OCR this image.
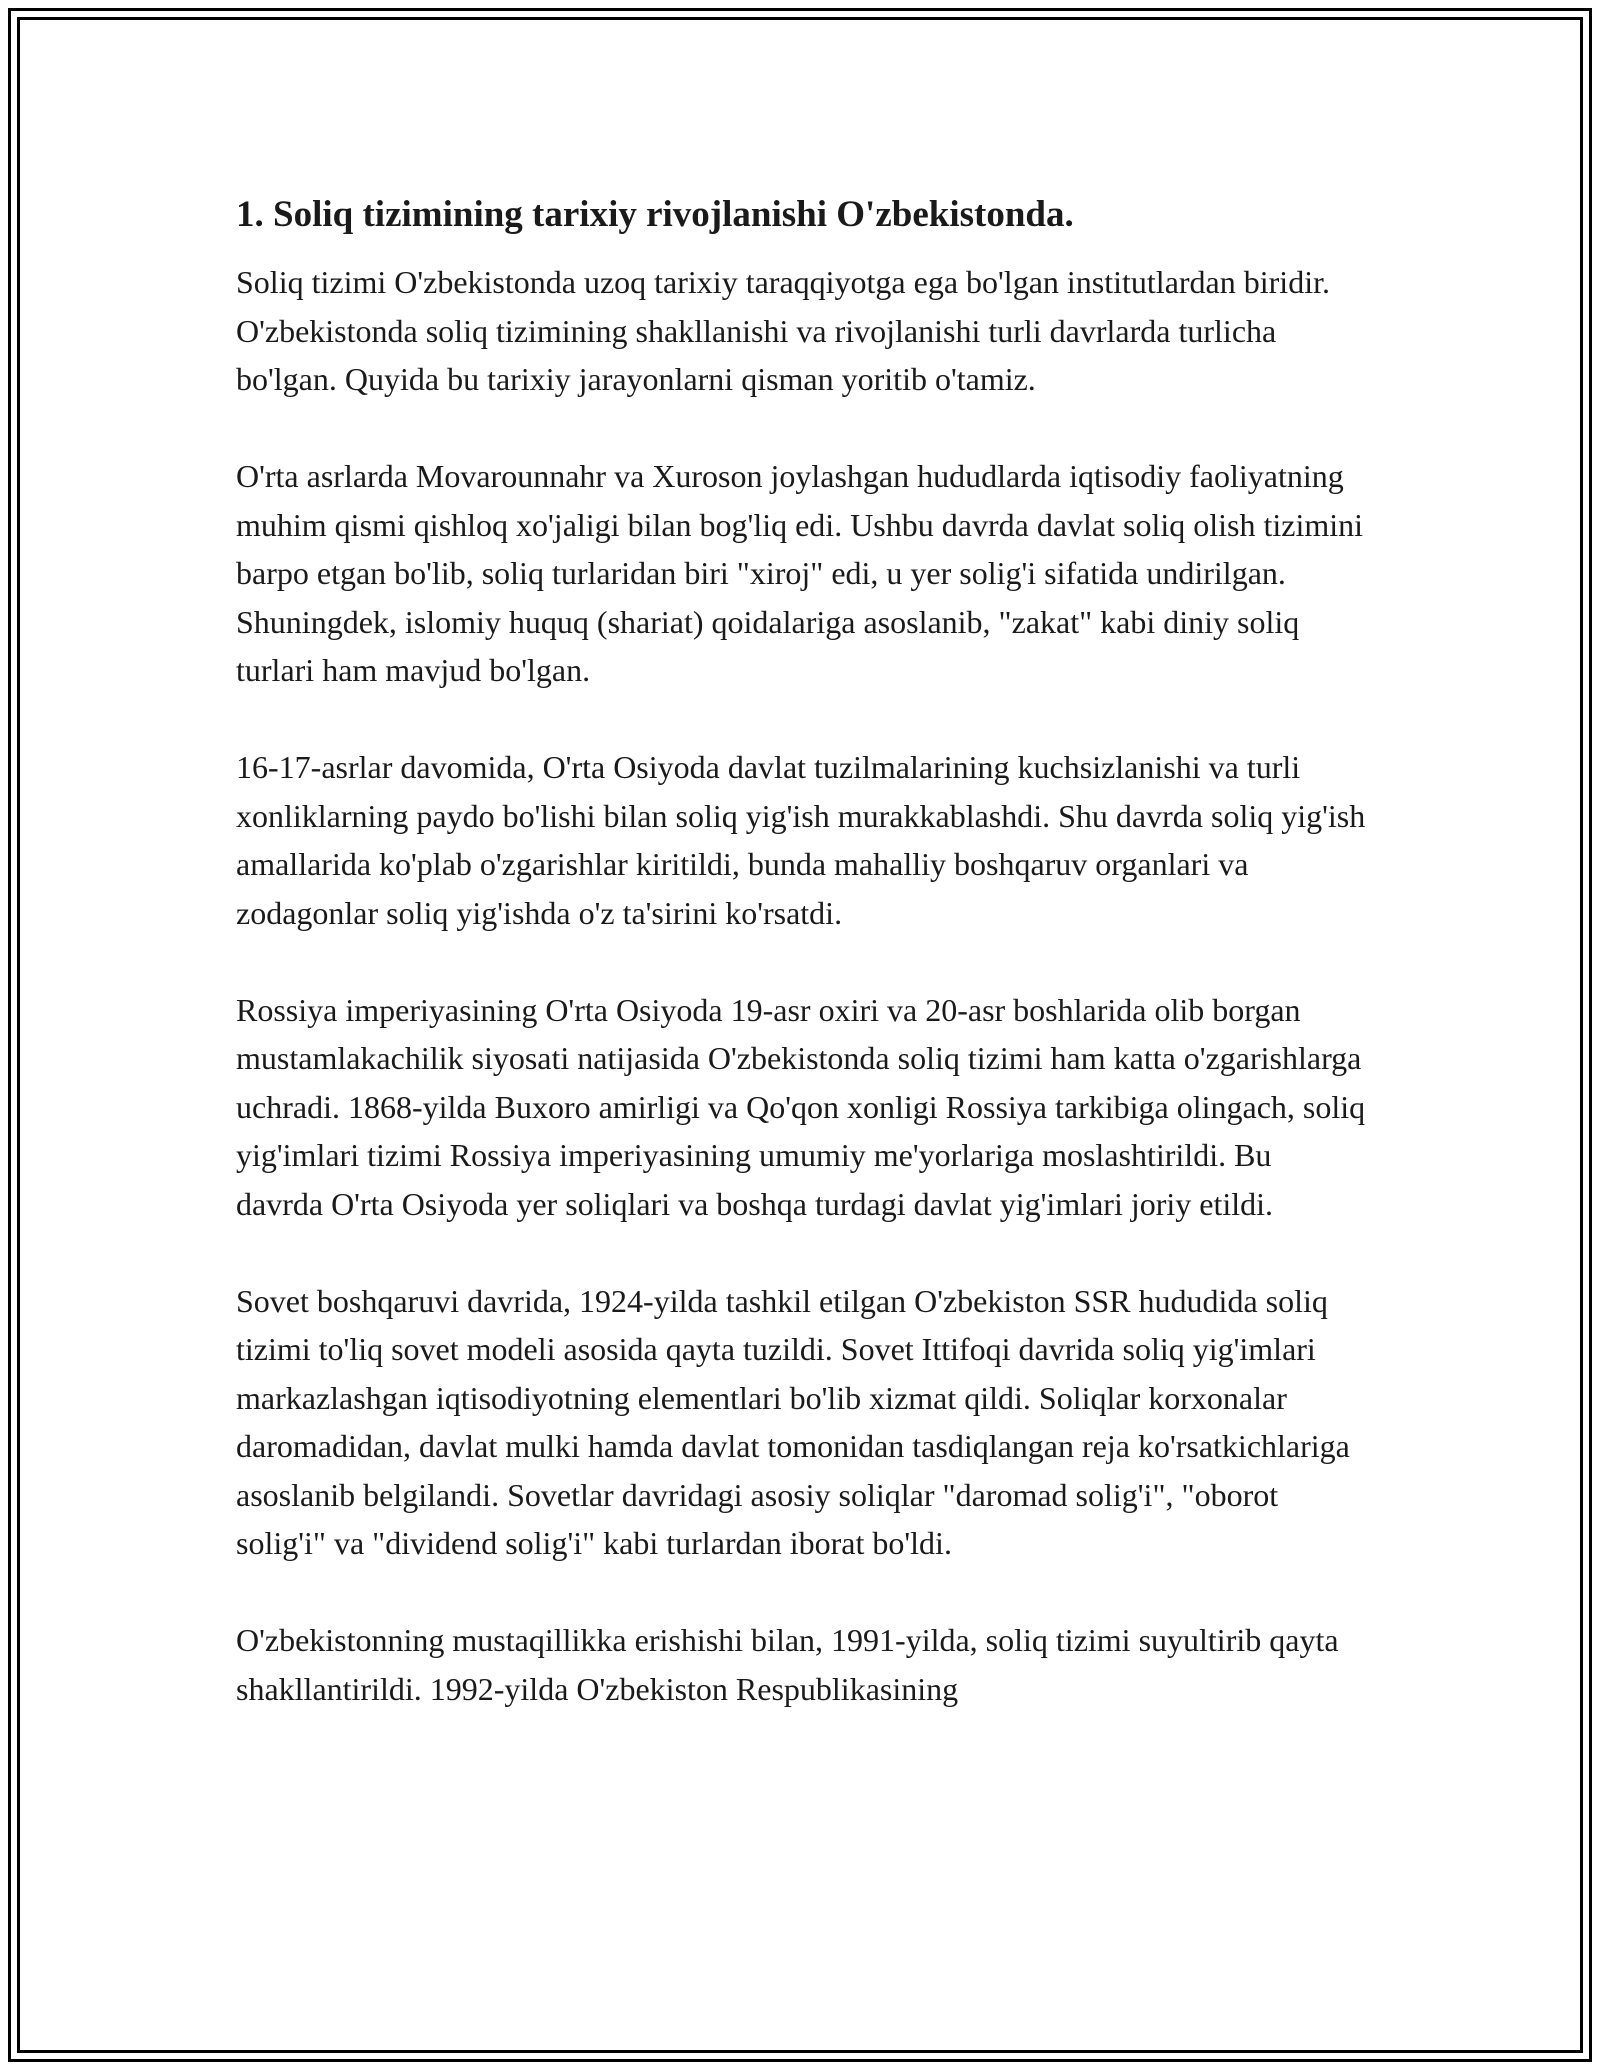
1. Soliq tizimining tarixiy rivojlanishi O'zbekistonda.

Soliq tizimi O'zbekistonda uzoq tarixiy taraqqiyotga ega bo'lgan institutlardan biridir. O'zbekistonda soliq tizimining shakllanishi va rivojlanishi turli davrlarda turlicha bo'lgan. Quyida bu tarixiy jarayonlarni qisman yoritib o'tamiz.

O'rta asrlarda Movarounnahr va Xuroson joylashgan hududlarda iqtisodiy faoliyatning muhim qismi qishloq xo'jaligi bilan bog'liq edi. Ushbu davrda davlat soliq olish tizimini barpo etgan bo'lib, soliq turlaridan biri "xiroj" edi, u yer solig'i sifatida undirilgan. Shuningdek, islomiy huquq (shariat) qoidalariga asoslanib, "zakat" kabi diniy soliq turlari ham mavjud bo'lgan.

16-17-asrlar davomida, O'rta Osiyoda davlat tuzilmalarining kuchsizlanishi va turli xonliklarning paydo bo'lishi bilan soliq yig'ish murakkablashdi. Shu davrda soliq yig'ish amallarida ko'plab o'zgarishlar kiritildi, bunda mahalliy boshqaruv organlari va zodagonlar soliq yig'ishda o'z ta'sirini ko'rsatdi.

Rossiya imperiyasining O'rta Osiyoda 19-asr oxiri va 20-asr boshlarida olib borgan mustamlakachilik siyosati natijasida O'zbekistonda soliq tizimi ham katta o'zgarishlarga uchradi. 1868-yilda Buxoro amirligi va Qo'qon xonligi Rossiya tarkibiga olingach, soliq yig'imlari tizimi Rossiya imperiyasining umumiy me'yorlariga moslashtirildi. Bu davrda O'rta Osiyoda yer soliqlari va boshqa turdagi davlat yig'imlari joriy etildi.

Sovet boshqaruvi davrida, 1924-yilda tashkil etilgan O'zbekiston SSR hududida soliq tizimi to'liq sovet modeli asosida qayta tuzildi. Sovet Ittifoqi davrida soliq yig'imlari markazlashgan iqtisodiyotning elementlari bo'lib xizmat qildi. Soliqlar korxonalar daromadidan, davlat mulki hamda davlat tomonidan tasdiqlangan reja ko'rsatkichlariga asoslanib belgilandi. Sovetlar davridagi asosiy soliqlar "daromad solig'i", "oborot solig'i" va "dividend solig'i" kabi turlardan iborat bo'ldi.

O'zbekistonning mustaqillikka erishishi bilan, 1991-yilda, soliq tizimi suyultirib qayta shakllantirildi. 1992-yilda O'zbekiston Respublikasining
